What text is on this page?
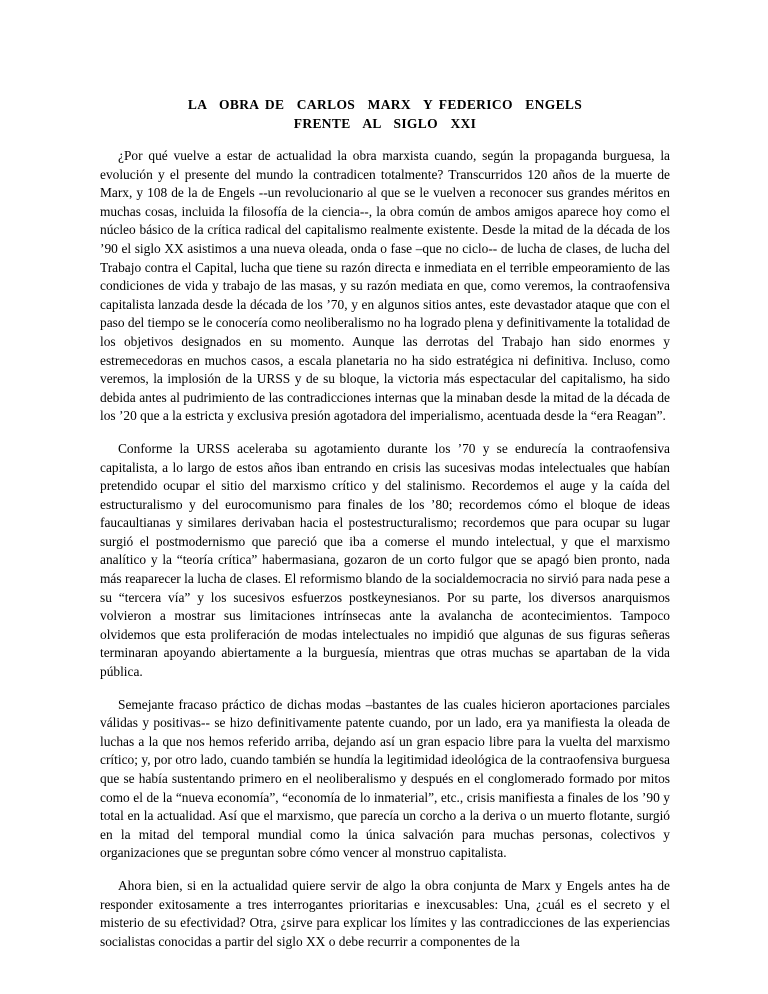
LA  OBRA DE  CARLOS  MARX  Y FEDERICO  ENGELS
FRENTE  AL  SIGLO  XXI

¿Por qué vuelve a estar de actualidad la obra marxista cuando, según la propaganda burguesa, la evolución y el presente del mundo la contradicen totalmente? Transcurridos 120 años de la muerte de Marx, y 108 de la de Engels --un revolucionario al que se le vuelven a reconocer sus grandes méritos en muchas cosas, incluida la filosofía de la ciencia--, la obra común de ambos amigos aparece hoy como el núcleo básico de la crítica radical del capitalismo realmente existente. Desde la mitad de la década de los ’90 el siglo XX asistimos a una nueva oleada, onda o fase –que no ciclo-- de lucha de clases, de lucha del Trabajo contra el Capital, lucha que tiene su razón directa e inmediata en el terrible empeoramiento de las condiciones de vida y trabajo de las masas, y su razón mediata en que, como veremos, la contraofensiva capitalista lanzada desde la década de los ’70, y en algunos sitios antes, este devastador ataque que con el paso del tiempo se le conocería como neoliberalismo no ha logrado plena y definitivamente la totalidad de los objetivos designados en su momento. Aunque las derrotas del Trabajo han sido enormes y estremecedoras en muchos casos, a escala planetaria no ha sido estratégica ni definitiva. Incluso, como veremos, la implosión de la URSS y de su bloque, la victoria más espectacular del capitalismo, ha sido debida antes al pudrimiento de las contradicciones internas que la minaban desde la mitad de la década de los ’20 que a la estricta y exclusiva presión agotadora del imperialismo, acentuada desde la “era Reagan”.

Conforme la URSS aceleraba su agotamiento durante los ’70 y se endurecía la contraofensiva capitalista, a lo largo de estos años iban entrando en crisis las sucesivas modas intelectuales que habían pretendido ocupar el sitio del marxismo crítico y del stalinismo. Recordemos el auge y la caída del estructuralismo y del eurocomunismo para finales de los ’80; recordemos cómo el bloque de ideas faucaultianas y similares derivaban hacia el postestructuralismo; recordemos que para ocupar su lugar surgió el postmodernismo que pareció que iba a comerse el mundo intelectual, y que el marxismo analítico y la “teoría crítica” habermasiana, gozaron de un corto fulgor que se apagó bien pronto, nada más reaparecer la lucha de clases. El reformismo blando de la socialdemocracia no sirvió para nada pese a su “tercera vía” y los sucesivos esfuerzos postkeynesianos. Por su parte, los diversos anarquismos volvieron a mostrar sus limitaciones intrínsecas ante la avalancha de acontecimientos. Tampoco olvidemos que esta proliferación de modas intelectuales no impidió que algunas de sus figuras señeras terminaran apoyando abiertamente a la burguesía, mientras que otras muchas se apartaban de la vida pública.

Semejante fracaso práctico de dichas modas –bastantes de las cuales hicieron aportaciones parciales válidas y positivas-- se hizo definitivamente patente cuando, por un lado, era ya manifiesta la oleada de luchas a la que nos hemos referido arriba, dejando así un gran espacio libre para la vuelta del marxismo crítico; y, por otro lado, cuando también se hundía la legitimidad ideológica de la contraofensiva burguesa que se había sustentando primero en el neoliberalismo y después en el conglomerado formado por mitos como el de la “nueva economía”, “economía de lo inmaterial”, etc., crisis manifiesta a finales de los ’90 y total en la actualidad. Así que el marxismo, que parecía un corcho a la deriva o un muerto flotante, surgió en la mitad del temporal mundial como la única salvación para muchas personas, colectivos y organizaciones que se preguntan sobre cómo vencer al monstruo capitalista.

Ahora bien, si en la actualidad quiere servir de algo la obra conjunta de Marx y Engels antes ha de responder exitosamente a tres interrogantes prioritarias e inexcusables: Una, ¿cuál es el secreto y el misterio de su efectividad? Otra, ¿sirve para explicar los límites y las contradicciones de las experiencias socialistas conocidas a partir del siglo XX o debe recurrir a componentes de la
